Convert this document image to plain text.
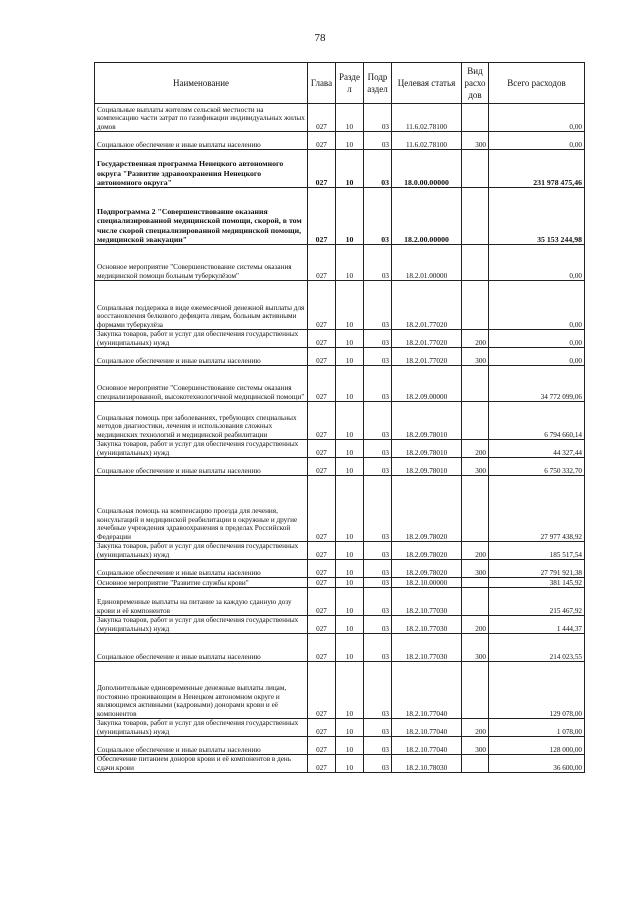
78
Наименование	Глава	Разде л	Подр аздел	Целевая статья	Вид расхо дов	Всего расходов
Социальные выплаты жителям сельской местности на компенсацию части затрат по газификации индивидуальных жилых домов	027	10	03	11.6.02.78100		0,00
Социальное обеспечение и иные выплаты населению	027	10	03	11.6.02.78100	300	0,00
Государственная программа Ненецкого автономного округа "Развитие здравоохранения Ненецкого автономного округа"	027	10	03	18.0.00.00000		231 978 475,46
Подпрограмма 2 "Совершенствование оказания специализированной медицинской помощи, скорой, в том числе скорой специализированной медицинской помощи, медицинской эвакуации"	027	10	03	18.2.00.00000		35 153 244,98
Основное мероприятие "Совершенствование системы оказания медицинской помощи больным туберкулёзом"	027	10	03	18.2.01.00000		0,00
Социальная поддержка в виде ежемесячной денежной выплаты для восстановления белкового дефицита лицам, больным активными формами туберкулёза	027	10	03	18.2.01.77020		0,00
Закупка товаров, работ и услуг для обеспечения государственных (муниципальных) нужд	027	10	03	18.2.01.77020	200	0,00
Социальное обеспечение и иные выплаты населению	027	10	03	18.2.01.77020	300	0,00
Основное мероприятие "Совершенствование системы оказания специализированной, высокотехнологичной медицинской помощи"	027	10	03	18.2.09.00000		34 772 099,06
Социальная помощь при заболеваниях, требующих специальных методов диагностики, лечения и использования сложных медицинских технологий и медицинской реабилитации	027	10	03	18.2.09.78010		6 794 660,14
Закупка товаров, работ и услуг для обеспечения государственных (муниципальных) нужд	027	10	03	18.2.09.78010	200	44 327,44
Социальное обеспечение и иные выплаты населению	027	10	03	18.2.09.78010	300	6 750 332,70
Социальная помощь на компенсацию проезда для лечения, консультаций и медицинской реабилитации в окружные и другие лечебные учреждения здравоохранения в пределах Российской Федерации	027	10	03	18.2.09.78020		27 977 438,92
Закупка товаров, работ и услуг для обеспечения государственных (муниципальных) нужд	027	10	03	18.2.09.78020	200	185 517,54
Социальное обеспечение и иные выплаты населению	027	10	03	18.2.09.78020	300	27 791 921,38
Основное мероприятие "Развитие службы крови"	027	10	03	18.2.10.00000		381 145,92
Единовременные выплаты на питание за каждую сданную дозу крови и её компонентов	027	10	03	18.2.10.77030		215 467,92
Закупка товаров, работ и услуг для обеспечения государственных (муниципальных) нужд	027	10	03	18.2.10.77030	200	1 444,37
Социальное обеспечение и иные выплаты населению	027	10	03	18.2.10.77030	300	214 023,55
Дополнительные единовременные денежные выплаты лицам, постоянно проживающим в Ненецком автономном округе и являющимся активными (кадровыми) донорами крови и её компонентов	027	10	03	18.2.10.77040		129 078,00
Закупка товаров, работ и услуг для обеспечения государственных (муниципальных) нужд	027	10	03	18.2.10.77040	200	1 078,00
Социальное обеспечение и иные выплаты населению	027	10	03	18.2.10.77040	300	128 000,00
Обеспечение питанием доноров крови и её компонентов в день сдачи крови	027	10	03	18.2.10.78030		36 600,00
